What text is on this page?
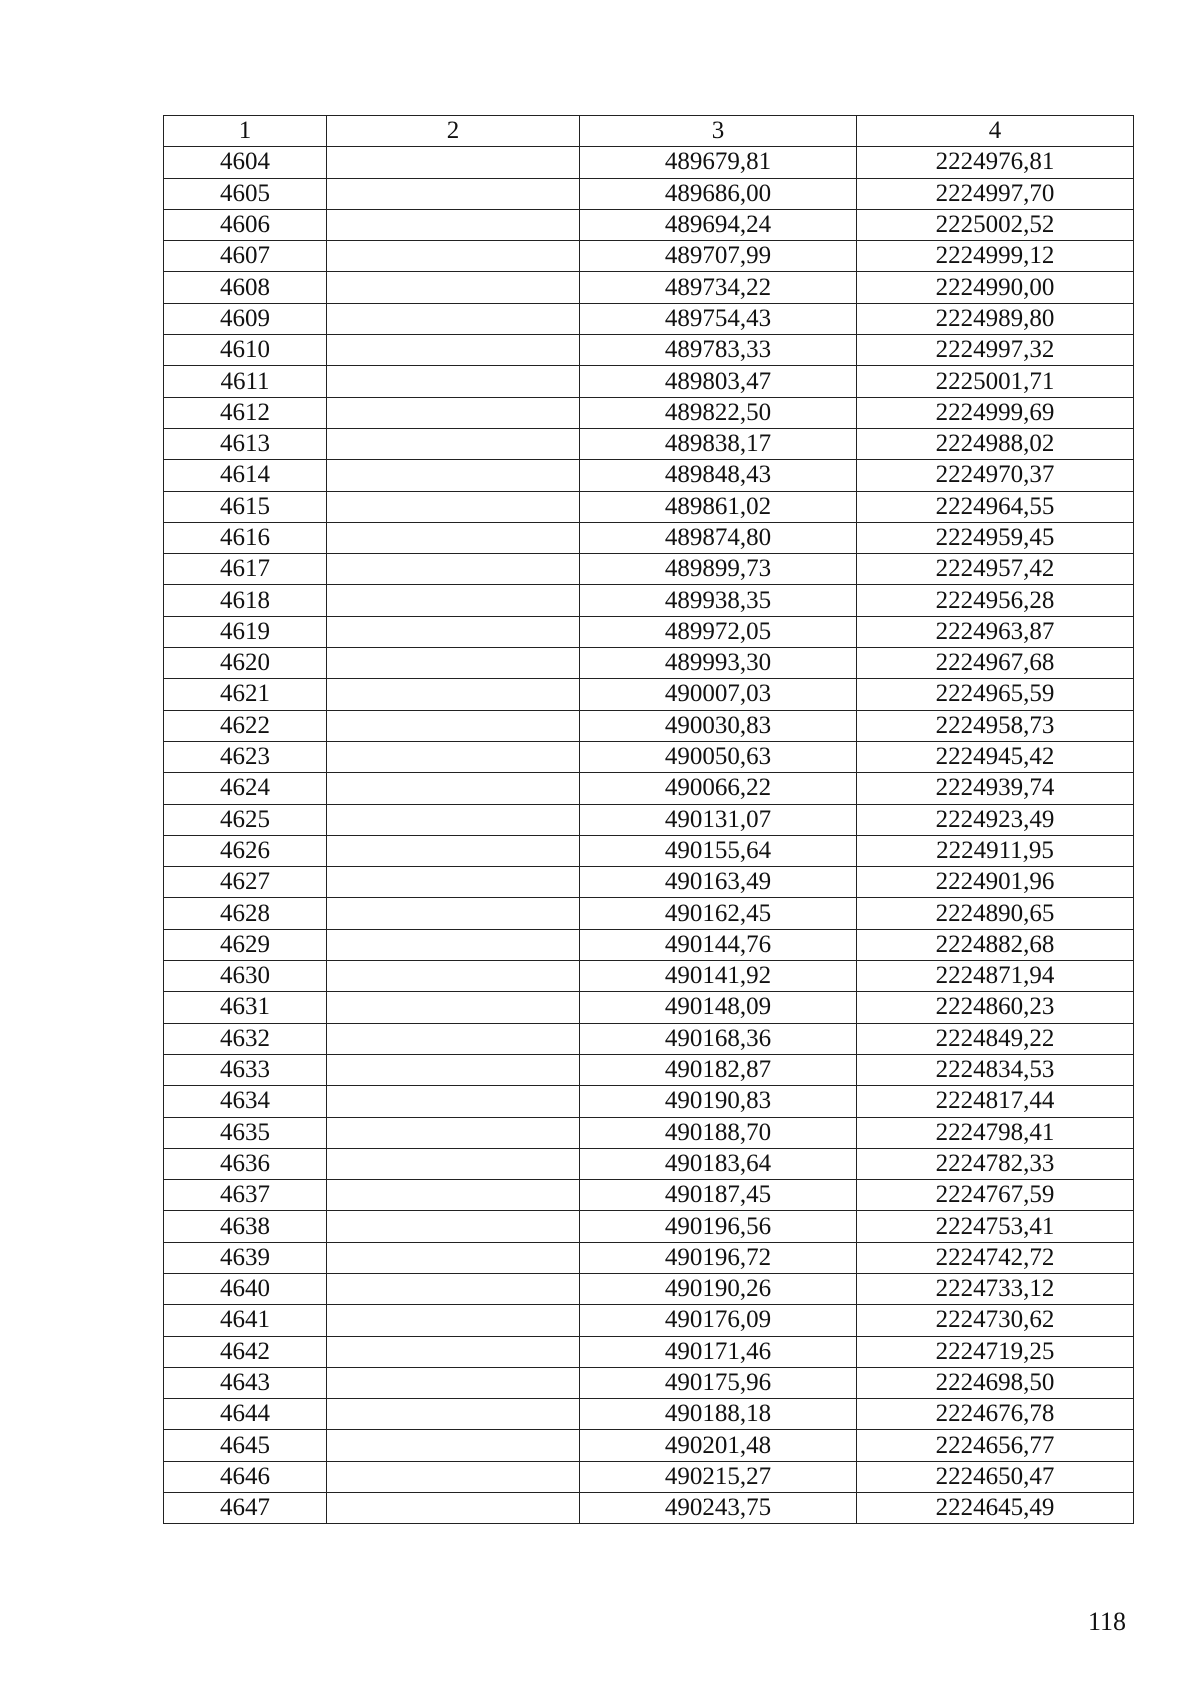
1	2	3	4
4604		489679,81	2224976,81
4605		489686,00	2224997,70
4606		489694,24	2225002,52
4607		489707,99	2224999,12
4608		489734,22	2224990,00
4609		489754,43	2224989,80
4610		489783,33	2224997,32
4611		489803,47	2225001,71
4612		489822,50	2224999,69
4613		489838,17	2224988,02
4614		489848,43	2224970,37
4615		489861,02	2224964,55
4616		489874,80	2224959,45
4617		489899,73	2224957,42
4618		489938,35	2224956,28
4619		489972,05	2224963,87
4620		489993,30	2224967,68
4621		490007,03	2224965,59
4622		490030,83	2224958,73
4623		490050,63	2224945,42
4624		490066,22	2224939,74
4625		490131,07	2224923,49
4626		490155,64	2224911,95
4627		490163,49	2224901,96
4628		490162,45	2224890,65
4629		490144,76	2224882,68
4630		490141,92	2224871,94
4631		490148,09	2224860,23
4632		490168,36	2224849,22
4633		490182,87	2224834,53
4634		490190,83	2224817,44
4635		490188,70	2224798,41
4636		490183,64	2224782,33
4637		490187,45	2224767,59
4638		490196,56	2224753,41
4639		490196,72	2224742,72
4640		490190,26	2224733,12
4641		490176,09	2224730,62
4642		490171,46	2224719,25
4643		490175,96	2224698,50
4644		490188,18	2224676,78
4645		490201,48	2224656,77
4646		490215,27	2224650,47
4647		490243,75	2224645,49
118
